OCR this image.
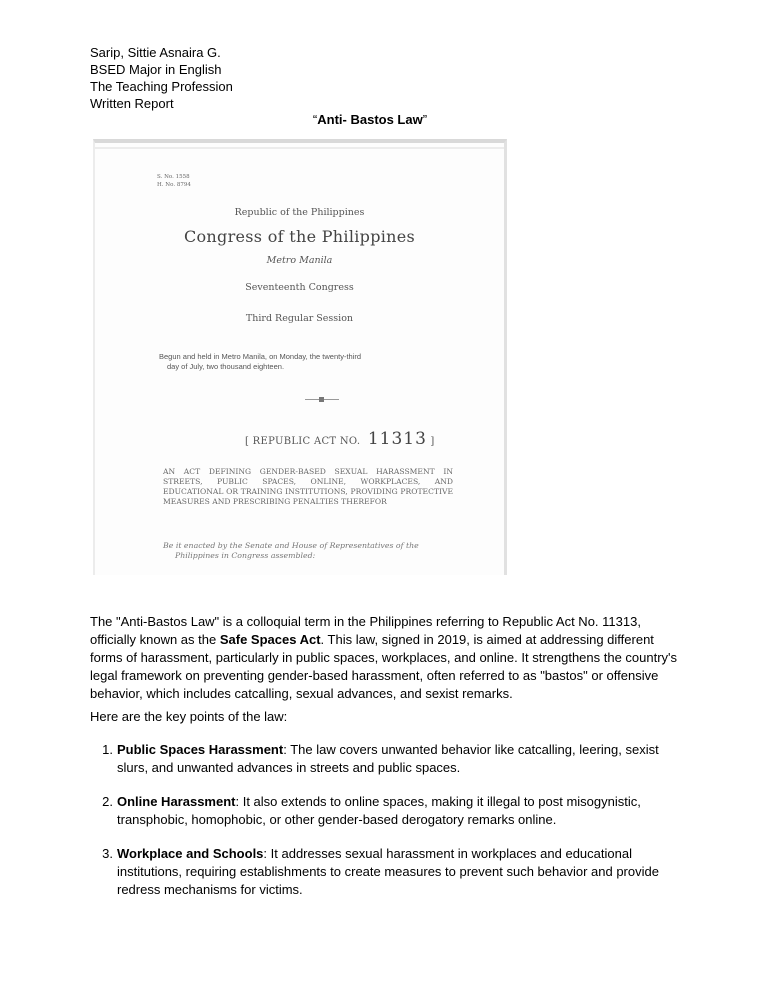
Sarip, Sittie Asnaira G.
BSED Major in English
The Teaching Profession
Written Report
“Anti- Bastos Law”
S. No. 1558
H. No. 8794
Republic of the Philippines
Congress of the Philippines
Metro Manila
Seventeenth Congress
Third Regular Session
Begun and held in Metro Manila, on Monday, the twenty-third
day of July, two thousand eighteen.
[ REPUBLIC ACT NO. 11313 ]
AN ACT DEFINING GENDER-BASED SEXUAL HARASSMENT IN STREETS, PUBLIC SPACES, ONLINE, WORKPLACES, AND EDUCATIONAL OR TRAINING INSTITUTIONS, PROVIDING PROTECTIVE MEASURES AND PRESCRIBING PENALTIES THEREFOR
Be it enacted by the Senate and House of Representatives of the
Philippines in Congress assembled:
The "Anti-Bastos Law" is a colloquial term in the Philippines referring to Republic Act No. 11313, officially known as the Safe Spaces Act. This law, signed in 2019, is aimed at addressing different forms of harassment, particularly in public spaces, workplaces, and online. It strengthens the country's legal framework on preventing gender-based harassment, often referred to as "bastos" or offensive behavior, which includes catcalling, sexual advances, and sexist remarks.
Here are the key points of the law:
1. Public Spaces Harassment: The law covers unwanted behavior like catcalling, leering, sexist slurs, and unwanted advances in streets and public spaces.
2. Online Harassment: It also extends to online spaces, making it illegal to post misogynistic, transphobic, homophobic, or other gender-based derogatory remarks online.
3. Workplace and Schools: It addresses sexual harassment in workplaces and educational institutions, requiring establishments to create measures to prevent such behavior and provide redress mechanisms for victims.
